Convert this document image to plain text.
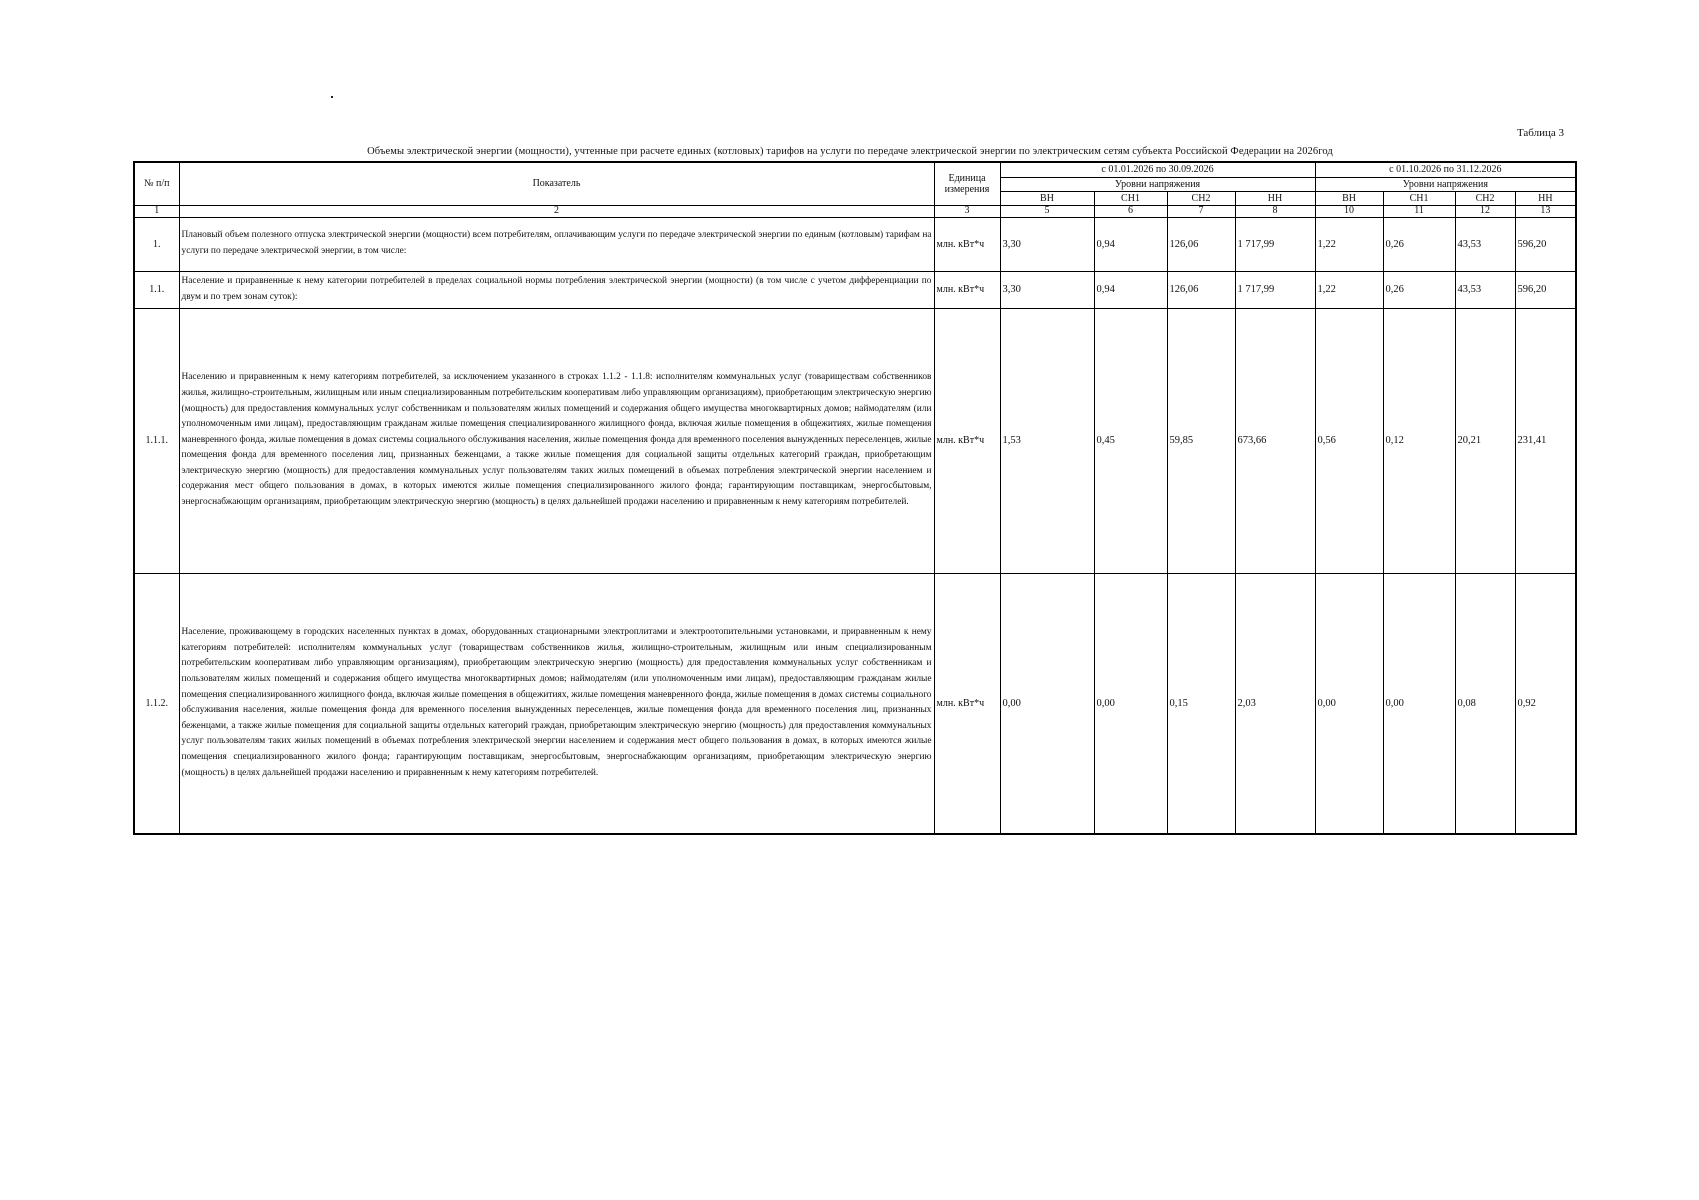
Таблица 3
Объемы электрической энергии (мощности), учтенные при расчете единых (котловых) тарифов на услуги по передаче электрической энергии по электрическим сетям субъекта Российской Федерации на 2026год
№ п/п	Показатель	Единица измерения	с 01.01.2026 по 30.09.2026				с 01.10.2026 по 31.12.2026			
			Уровни напряжения				Уровни напряжения			
			ВН	СН1	СН2	НН	ВН	СН1	СН2	НН
1	2	3	5	6	7	8	10	11	12	13
1.	Плановый объем полезного отпуска электрической энергии (мощности) всем потребителям, оплачивающим услуги по передаче электрической энергии по единым (котловым) тарифам на услуги по передаче электрической энергии, в том числе:	млн. кВт*ч	3,30	0,94	126,06	1 717,99	1,22	0,26	43,53	596,20
1.1.	Население и приравненные к нему категории потребителей в пределах социальной нормы потребления электрической энергии (мощности) (в том числе с учетом дифференциации по двум и по трем зонам суток):	млн. кВт*ч	3,30	0,94	126,06	1 717,99	1,22	0,26	43,53	596,20
1.1.1.	Населению и приравненным к нему категориям потребителей, за исключением указанного в строках 1.1.2 - 1.1.8: исполнителям коммунальных услуг (товариществам собственников жилья, жилищно-строительным, жилищным или иным специализированным потребительским кооперативам либо управляющим организациям), приобретающим электрическую энергию (мощность) для предоставления коммунальных услуг собственникам и пользователям жилых помещений и содержания общего имущества многоквартирных домов; наймодателям (или уполномоченным ими лицам), предоставляющим гражданам жилые помещения специализированного жилищного фонда, включая жилые помещения в общежитиях, жилые помещения маневренного фонда, жилые помещения в домах системы социального обслуживания населения, жилые помещения фонда для временного поселения вынужденных переселенцев, жилые помещения фонда для временного поселения лиц, признанных беженцами, а также жилые помещения для социальной защиты отдельных категорий граждан, приобретающим электрическую энергию (мощность) для предоставления коммунальных услуг пользователям таких жилых помещений в объемах потребления электрической энергии населением и содержания мест общего пользования в домах, в которых имеются жилые помещения специализированного жилого фонда; гарантирующим поставщикам, энергосбытовым, энергоснабжающим организациям, приобретающим электрическую энергию (мощность) в целях дальнейшей продажи населению и приравненным к нему категориям потребителей.	млн. кВт*ч	1,53	0,45	59,85	673,66	0,56	0,12	20,21	231,41
1.1.2.	Население, проживающему в городских населенных пунктах в домах, оборудованных стационарными электроплитами и электроотопительными установками, и приравненным к нему категориям потребителей: исполнителям коммунальных услуг (товариществам собственников жилья, жилищно-строительным, жилищным или иным специализированным потребительским кооперативам либо управляющим организациям), приобретающим электрическую энергию (мощность) для предоставления коммунальных услуг собственникам и пользователям жилых помещений и содержания общего имущества многоквартирных домов; наймодателям (или уполномоченным ими лицам), предоставляющим гражданам жилые помещения специализированного жилищного фонда, включая жилые помещения в общежитиях, жилые помещения маневренного фонда, жилые помещения в домах системы социального обслуживания населения, жилые помещения фонда для временного поселения вынужденных переселенцев, жилые помещения фонда для временного поселения лиц, признанных беженцами, а также жилые помещения для социальной защиты отдельных категорий граждан, приобретающим электрическую энергию (мощность) для предоставления коммунальных услуг пользователям таких жилых помещений в объемах потребления электрической энергии населением и содержания мест общего пользования в домах, в которых имеются жилые помещения специализированного жилого фонда; гарантирующим поставщикам, энергосбытовым, энергоснабжающим организациям, приобретающим электрическую энергию (мощность) в целях дальнейшей продажи населению и приравненным к нему категориям потребителей.	млн. кВт*ч	0,00	0,00	0,15	2,03	0,00	0,00	0,08	0,92
